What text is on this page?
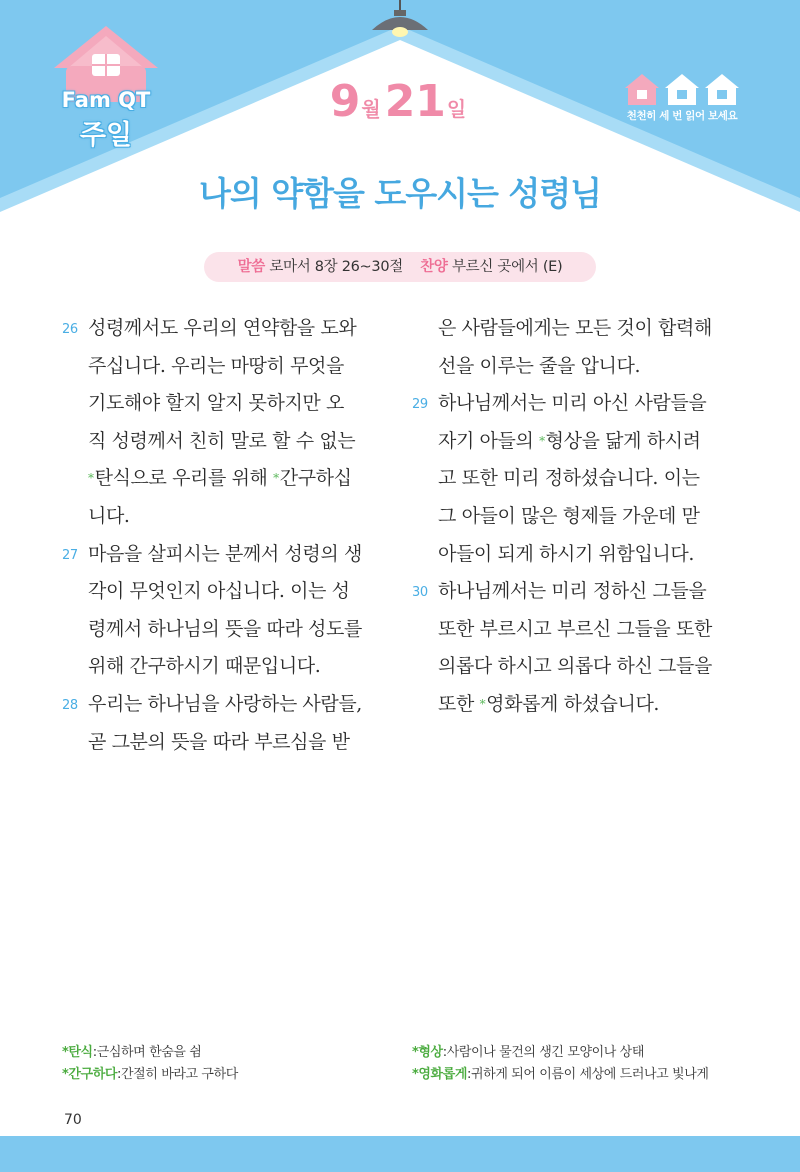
Fam QT
주일
9월21일	천천히 세 번 읽어 보세요
나의 약함을 도우시는 성령님
말씀 로마서 8장 26~30절 찬양 부르신 곳에서 (E)
26 성령께서도 우리의 연약함을 도와
주십니다. 우리는 마땅히 무엇을
기도해야 할지 알지 못하지만 오
직 성령께서 친히 말로 할 수 없는
*탄식으로 우리를 위해 *간구하십
니다.
27 마음을 살피시는 분께서 성령의 생
각이 무엇인지 아십니다. 이는 성
령께서 하나님의 뜻을 따라 성도를
위해 간구하시기 때문입니다.
28 우리는 하나님을 사랑하는 사람들,
곧 그분의 뜻을 따라 부르심을 받
은 사람들에게는 모든 것이 합력해
선을 이루는 줄을 압니다.
29 하나님께서는 미리 아신 사람들을
자기 아들의 *형상을 닮게 하시려
고 또한 미리 정하셨습니다. 이는
그 아들이 많은 형제들 가운데 맏
아들이 되게 하시기 위함입니다.
30 하나님께서는 미리 정하신 그들을
또한 부르시고 부르신 그들을 또한
의롭다 하시고 의롭다 하신 그들을
또한 *영화롭게 하셨습니다.
*탄식:근심하며 한숨을 쉼
*간구하다:간절히 바라고 구하다
*형상:사람이나 물건의 생긴 모양이나 상태
*영화롭게:귀하게 되어 이름이 세상에 드러나고 빛나게
70
